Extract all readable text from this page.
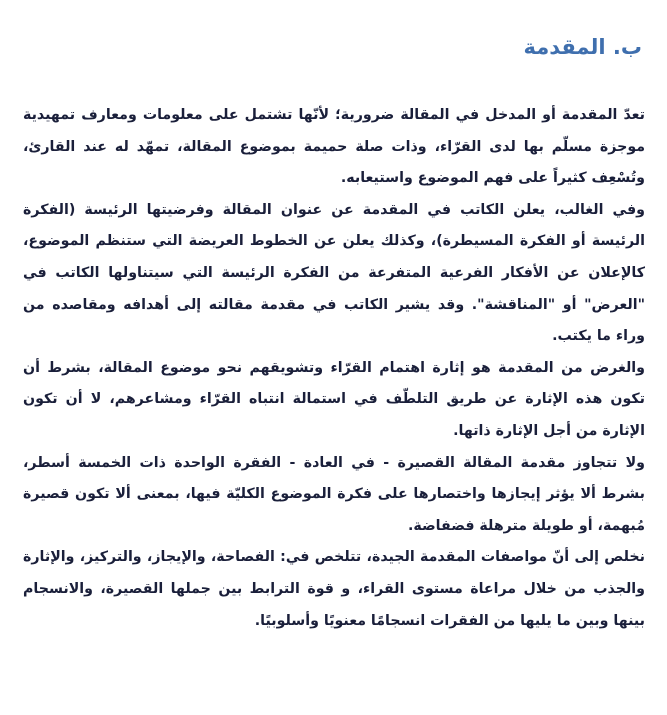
ب. المقدمة

تعدّ المقدمة أو المدخل في المقالة ضرورية؛ لأنّها تشتمل على معلومات ومعارف تمهيدية موجزة مسلّم بها لدى القرّاء، وذات صلة حميمة بموضوع المقالة، تمهّد له عند القارئ، وتُسْعِف كثيراً على فهم الموضوع واستيعابه.

وفي الغالب، يعلن الكاتب في المقدمة عن عنوان المقالة وفرضيتها الرئيسة (الفكرة الرئيسة أو الفكرة المسيطرة)، وكذلك يعلن عن الخطوط العريضة التي ستنظم الموضوع، كالإعلان عن الأفكار الفرعية المتفرعة من الفكرة الرئيسة التي سيتناولها الكاتب في "العرض" أو "المناقشة". وقد يشير الكاتب في مقدمة مقالته إلى أهدافه ومقاصده من وراء ما يكتب.

والغرض من المقدمة هو إثارة اهتمام القرّاء وتشويقهم نحو موضوع المقالة، بشرط أن تكون هذه الإثارة عن طريق التلطّف في استمالة انتباه القرّاء ومشاعرهم، لا أن تكون الإثارة من أجل الإثارة ذاتها.

ولا تتجاوز مقدمة المقالة القصيرة - في العادة - الفقرة الواحدة ذات الخمسة أسطر، بشرط ألا يؤثر إيجازها واختصارها على فكرة الموضوع الكليّة فيها، بمعنى ألا تكون قصيرة مُبهمة، أو طويلة مترهلة فضفاضة.

نخلص إلى أنّ مواصفات المقدمة الجيدة، تتلخص في: الفصاحة، والإيجاز، والتركيز، والإثارة والجذب من خلال مراعاة مستوى القراء، و قوة الترابط بين جملها القصيرة، والانسجام بينها وبين ما يليها من الفقرات انسجامًا معنويًا وأسلوبيًا.
